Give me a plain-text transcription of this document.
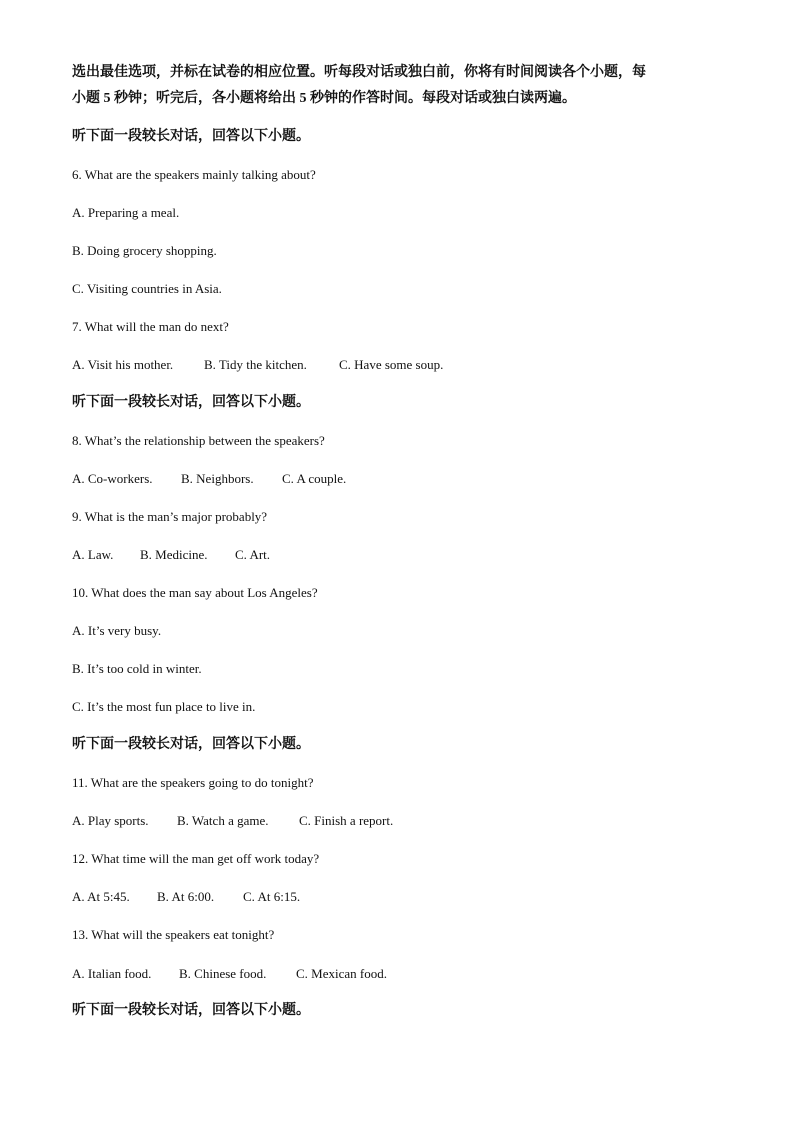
选出最佳选项，并标在试卷的相应位置。听每段对话或独白前，你将有时间阅读各个小题，每
小题 5 秒钟；听完后，各小题将给出 5 秒钟的作答时间。每段对话或独白读两遍。
听下面一段较长对话，回答以下小题。
6. What are the speakers mainly talking about?
A. Preparing a meal.
B. Doing grocery shopping.
C. Visiting countries in Asia.
7. What will the man do next?
A. Visit his mother. B. Tidy the kitchen. C. Have some soup.
听下面一段较长对话，回答以下小题。
8. What’s the relationship between the speakers?
A. Co-workers. B. Neighbors. C. A couple.
9. What is the man’s major probably?
A. Law. B. Medicine. C. Art.
10. What does the man say about Los Angeles?
A. It’s very busy.
B. It’s too cold in winter.
C. It’s the most fun place to live in.
听下面一段较长对话，回答以下小题。
11. What are the speakers going to do tonight?
A. Play sports. B. Watch a game. C. Finish a report.
12. What time will the man get off work today?
A. At 5:45. B. At 6:00. C. At 6:15.
13. What will the speakers eat tonight?
A. Italian food. B. Chinese food. C. Mexican food.
听下面一段较长对话，回答以下小题。
